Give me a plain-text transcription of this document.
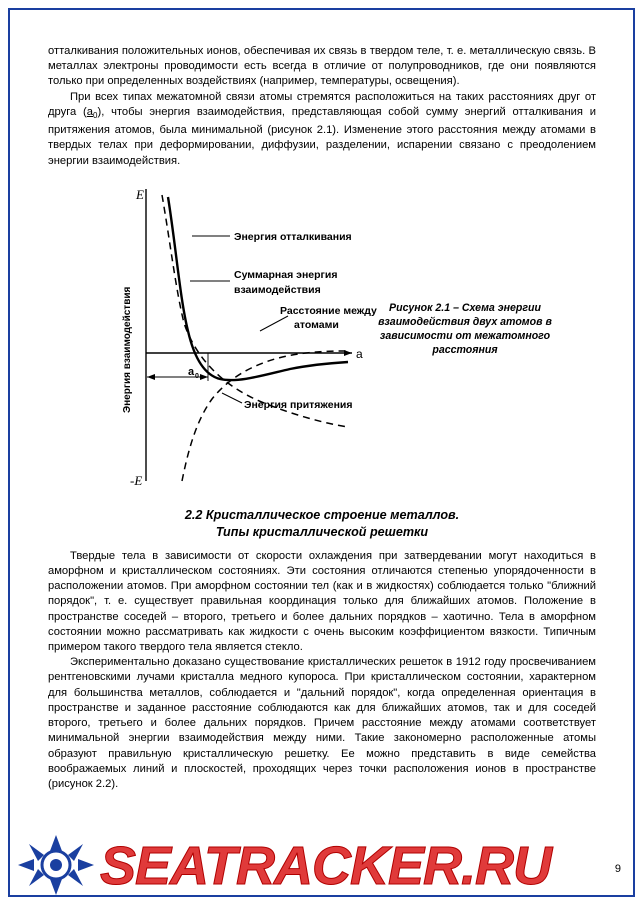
отталкивания положительных ионов, обеспечивая их связь в твердом теле, т. е. металлическую связь. В металлах электроны проводимости есть всегда в отличие от полупроводников, где они появляются только при определенных воздействиях (например, температуры, освещения).

При всех типах межатомной связи атомы стремятся расположиться на таких расстояниях друг от друга $(a_0)$, чтобы энергия взаимодействия, представляющая собой сумму энергий отталкивания и притяжения атомов, была минимальной (рисунок 2.1). Изменение этого расстояния между атомами в твердых телах при деформировании, диффузии, разделении, испарении связано с преодолением энергии взаимодействия.

E
-E
a
a 0
Энергия взаимодействия
Энергия отталкивания
Суммарная энергия
взаимодействия
Расстояние между
атомами
Энергия притяжения
Рисунок 2.1 – Схема энергии взаимодействия двух атомов в зависимости от межатомного расстояния
2.2 Кристаллическое строение металлов.
Типы кристаллической решетки

Твердые тела в зависимости от скорости охлаждения при затвердевании могут находиться в аморфном и кристаллическом состояниях. Эти состояния отличаются степенью упорядоченности в расположении атомов. При аморфном состоянии тел (как и в жидкостях) соблюдается только "ближний порядок", т. е. существует правильная координация только для ближайших атомов. Положение в пространстве соседей – второго, третьего и более дальних порядков – хаотично. Тела в аморфном состоянии можно рассматривать как жидкости с очень высоким коэффициентом вязкости. Типичным примером такого твердого тела является стекло.

Экспериментально доказано существование кристаллических решеток в 1912 году просвечиванием рентгеновскими лучами кристалла медного купороса. При кристаллическом состоянии, характерном для большинства металлов, соблюдается и "дальний порядок", когда определенная ориентация в пространстве и заданное расстояние соблюдаются как для ближайших атомов, так и для соседей второго, третьего и более дальних порядков. Причем расстояние между атомами соответствует минимальной энергии взаимодействия между ними. Такие закономерно расположенные атомы образуют правильную кристаллическую решетку. Ее можно представить в виде семейства воображаемых линий и плоскостей, проходящих через точки расположения ионов в пространстве (рисунок 2.2).

9
SEATRACKER.RU
